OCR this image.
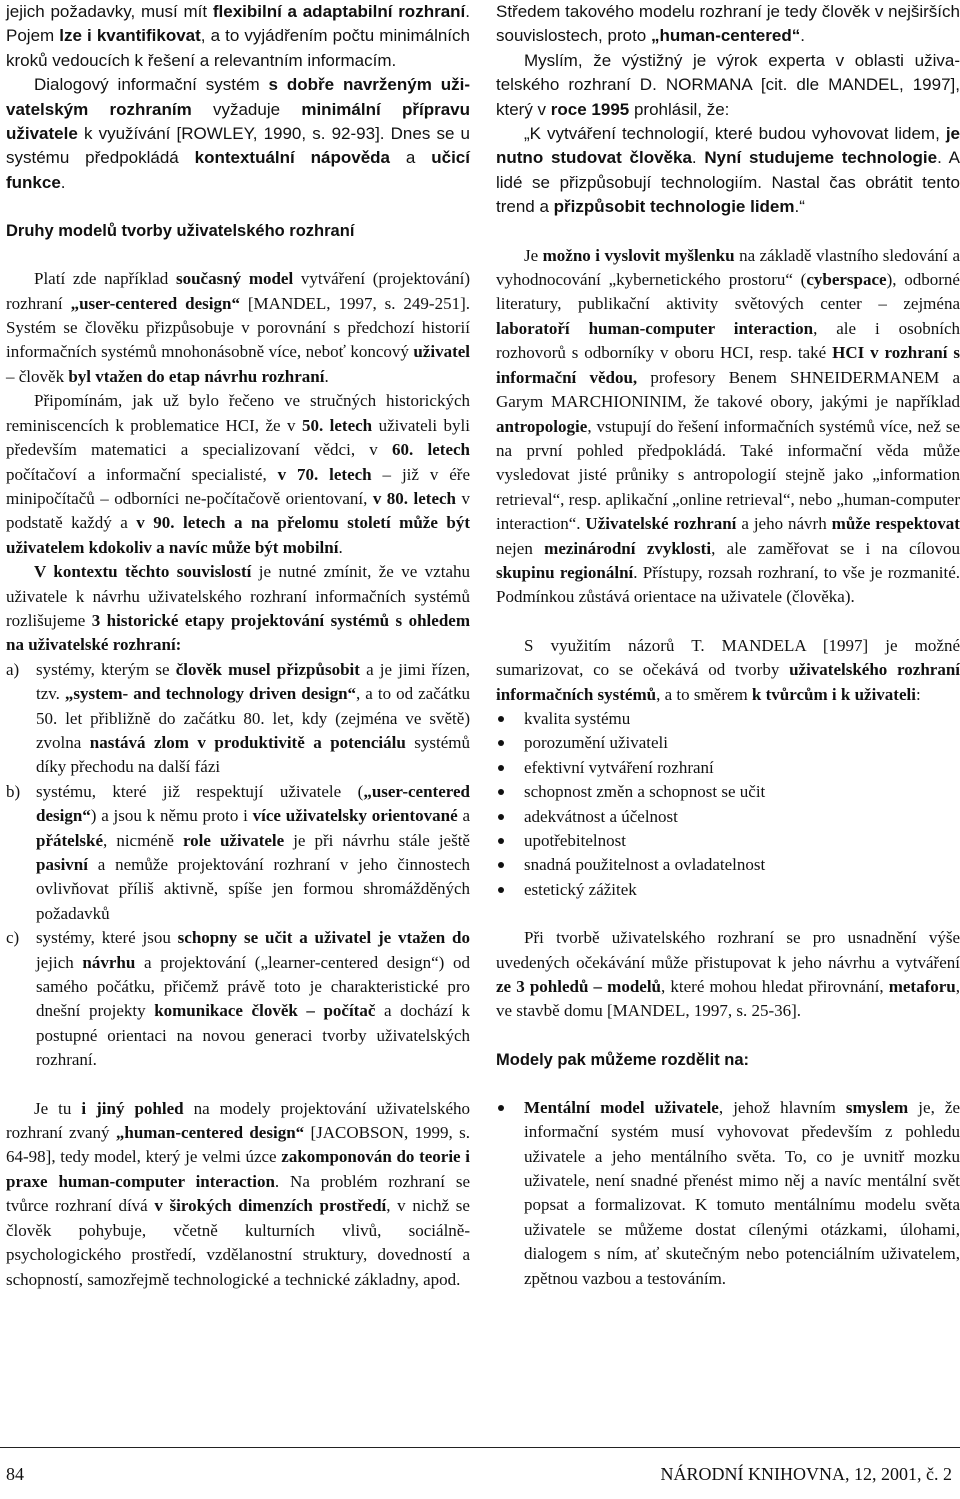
jejich požadavky, musí mít flexibilní a adaptabilní rozhraní. Pojem lze i kvantifikovat, a to vyjádřením počtu minimálních kroků vedoucích k řešení a relevantním informacím.

Dialogový informační systém s dobře navrženým uživatelským rozhraním vyžaduje minimální přípravu uživatele k využívání [ROWLEY, 1990, s. 92-93]. Dnes se u systému předpokládá kontextuální nápověda a učicí funkce.

Druhy modelů tvorby uživatelského rozhraní

Platí zde například současný model vytváření (projektování) rozhraní „user-centered design“ [MANDEL, 1997, s. 249-251]. Systém se člověku přizpůsobuje v porovnání s předchozí historií informačních systémů mnohonásobně více, neboť koncový uživatel – člověk byl vtažen do etap návrhu rozhraní.

Připomínám, jak už bylo řečeno ve stručných historických reminiscencích k problematice HCI, že v 50. letech uživateli byli především matematici a specializovaní vědci, v 60. letech počítačoví a informační specialisté, v 70. letech – již v éře minipočítačů – odborníci ne-počítačově orientovaní, v 80. letech v podstatě každý a v 90. letech a na přelomu století může být uživatelem kdokoliv a navíc může být mobilní.

V kontextu těchto souvislostí je nutné zmínit, že ve vztahu uživatele k návrhu uživatelského rozhraní informačních systémů rozlišujeme 3 historické etapy projektování systémů s ohledem na uživatelské rozhraní:

a) systémy, kterým se člověk musel přizpůsobit a je jimi řízen, tzv. „system- and technology driven design“, a to od začátku 50. let přibližně do začátku 80. let, kdy (zejména ve světě) zvolna nastává zlom v produktivitě a potenciálu systémů díky přechodu na další fázi
b) systému, které již respektují uživatele („user-centered design“) a jsou k němu proto i více uživatelsky orientované a přátelské, nicméně role uživatele je při návrhu stále ještě pasivní a nemůže projektování rozhraní v jeho činnostech ovlivňovat příliš aktivně, spíše jen formou shromážděných požadavků
c) systémy, které jsou schopny se učit a uživatel je vtažen do jejich návrhu a projektování („learner-centered design“) od samého počátku, přičemž právě toto je charakteristické pro dnešní projekty komunikace člověk – počítač a dochází k postupné orientaci na novou generaci tvorby uživatelských rozhraní.

Je tu i jiný pohled na modely projektování uživatelského rozhraní zvaný „human-centered design“ [JACOBSON, 1999, s. 64-98], tedy model, který je velmi úzce zakomponován do teorie i praxe human-computer interaction. Na problém rozhraní se tvůrce rozhraní dívá v širokých dimenzích prostředí, v nichž se člověk pohybuje, včetně kulturních vlivů, sociálně-psychologického prostředí, vzdělanostní struktury, dovedností a schopností, samozřejmě technologické a technické základny, apod.

Středem takového modelu rozhraní je tedy člověk v nejširších souvislostech, proto „human-centered“.

Myslím, že výstižný je výrok experta v oblasti uživatelského rozhraní D. NORMANA [cit. dle MANDEL, 1997], který v roce 1995 prohlásil, že:

„K vytváření technologií, které budou vyhovovat lidem, je nutno studovat člověka. Nyní studujeme technologie. A lidé se přizpůsobují technologiím. Nastal čas obrátit tento trend a přizpůsobit technologie lidem.“

Je možno i vyslovit myšlenku na základě vlastního sledování a vyhodnocování „kybernetického prostoru“ (cyberspace), odborné literatury, publikační aktivity světových center – zejména laboratoří human-computer interaction, ale i osobních rozhovorů s odborníky v oboru HCI, resp. také HCI v rozhraní s informační vědou, profesory Benem SHNEIDERMANEM a Garym MARCHIONINIM, že takové obory, jakými je například antropologie, vstupují do řešení informačních systémů více, než se na první pohled předpokládá. Také informační věda může vysledovat jisté průniky s antropologií stejně jako „information retrieval“, resp. aplikační „online retrieval“, nebo „human-computer interaction“. Uživatelské rozhraní a jeho návrh může respektovat nejen mezinárodní zvyklosti, ale zaměřovat se i na cílovou skupinu regionální. Přístupy, rozsah rozhraní, to vše je rozmanité. Podmínkou zůstává orientace na uživatele (člověka).

S využitím názorů T. MANDELA [1997] je možné sumarizovat, co se očekává od tvorby uživatelského rozhraní informačních systémů, a to směrem k tvůrcům i k uživateli:

kvalita systému
porozumění uživateli
efektivní vytváření rozhraní
schopnost změn a schopnost se učit
adekvátnost a účelnost
upotřebitelnost
snadná použitelnost a ovladatelnost
estetický zážitek

Při tvorbě uživatelského rozhraní se pro usnadnění výše uvedených očekávání může přistupovat k jeho návrhu a vytváření ze 3 pohledů – modelů, které mohou hledat přirovnání, metaforu, ve stavbě domu [MANDEL, 1997, s. 25-36].

Modely pak můžeme rozdělit na:
Mentální model uživatele, jehož hlavním smyslem je, že informační systém musí vyhovovat především z pohledu uživatele a jeho mentálního světa. To, co je uvnitř mozku uživatele, není snadné přenést mimo něj a navíc mentální svět popsat a formalizovat. K tomuto mentálnímu modelu světa uživatele se můžeme dostat cílenými otázkami, úlohami, dialogem s ním, ať skutečným nebo potenciálním uživatelem, zpětnou vazbou a testováním.
84	NÁRODNÍ KNIHOVNA, 12, 2001, č. 2
